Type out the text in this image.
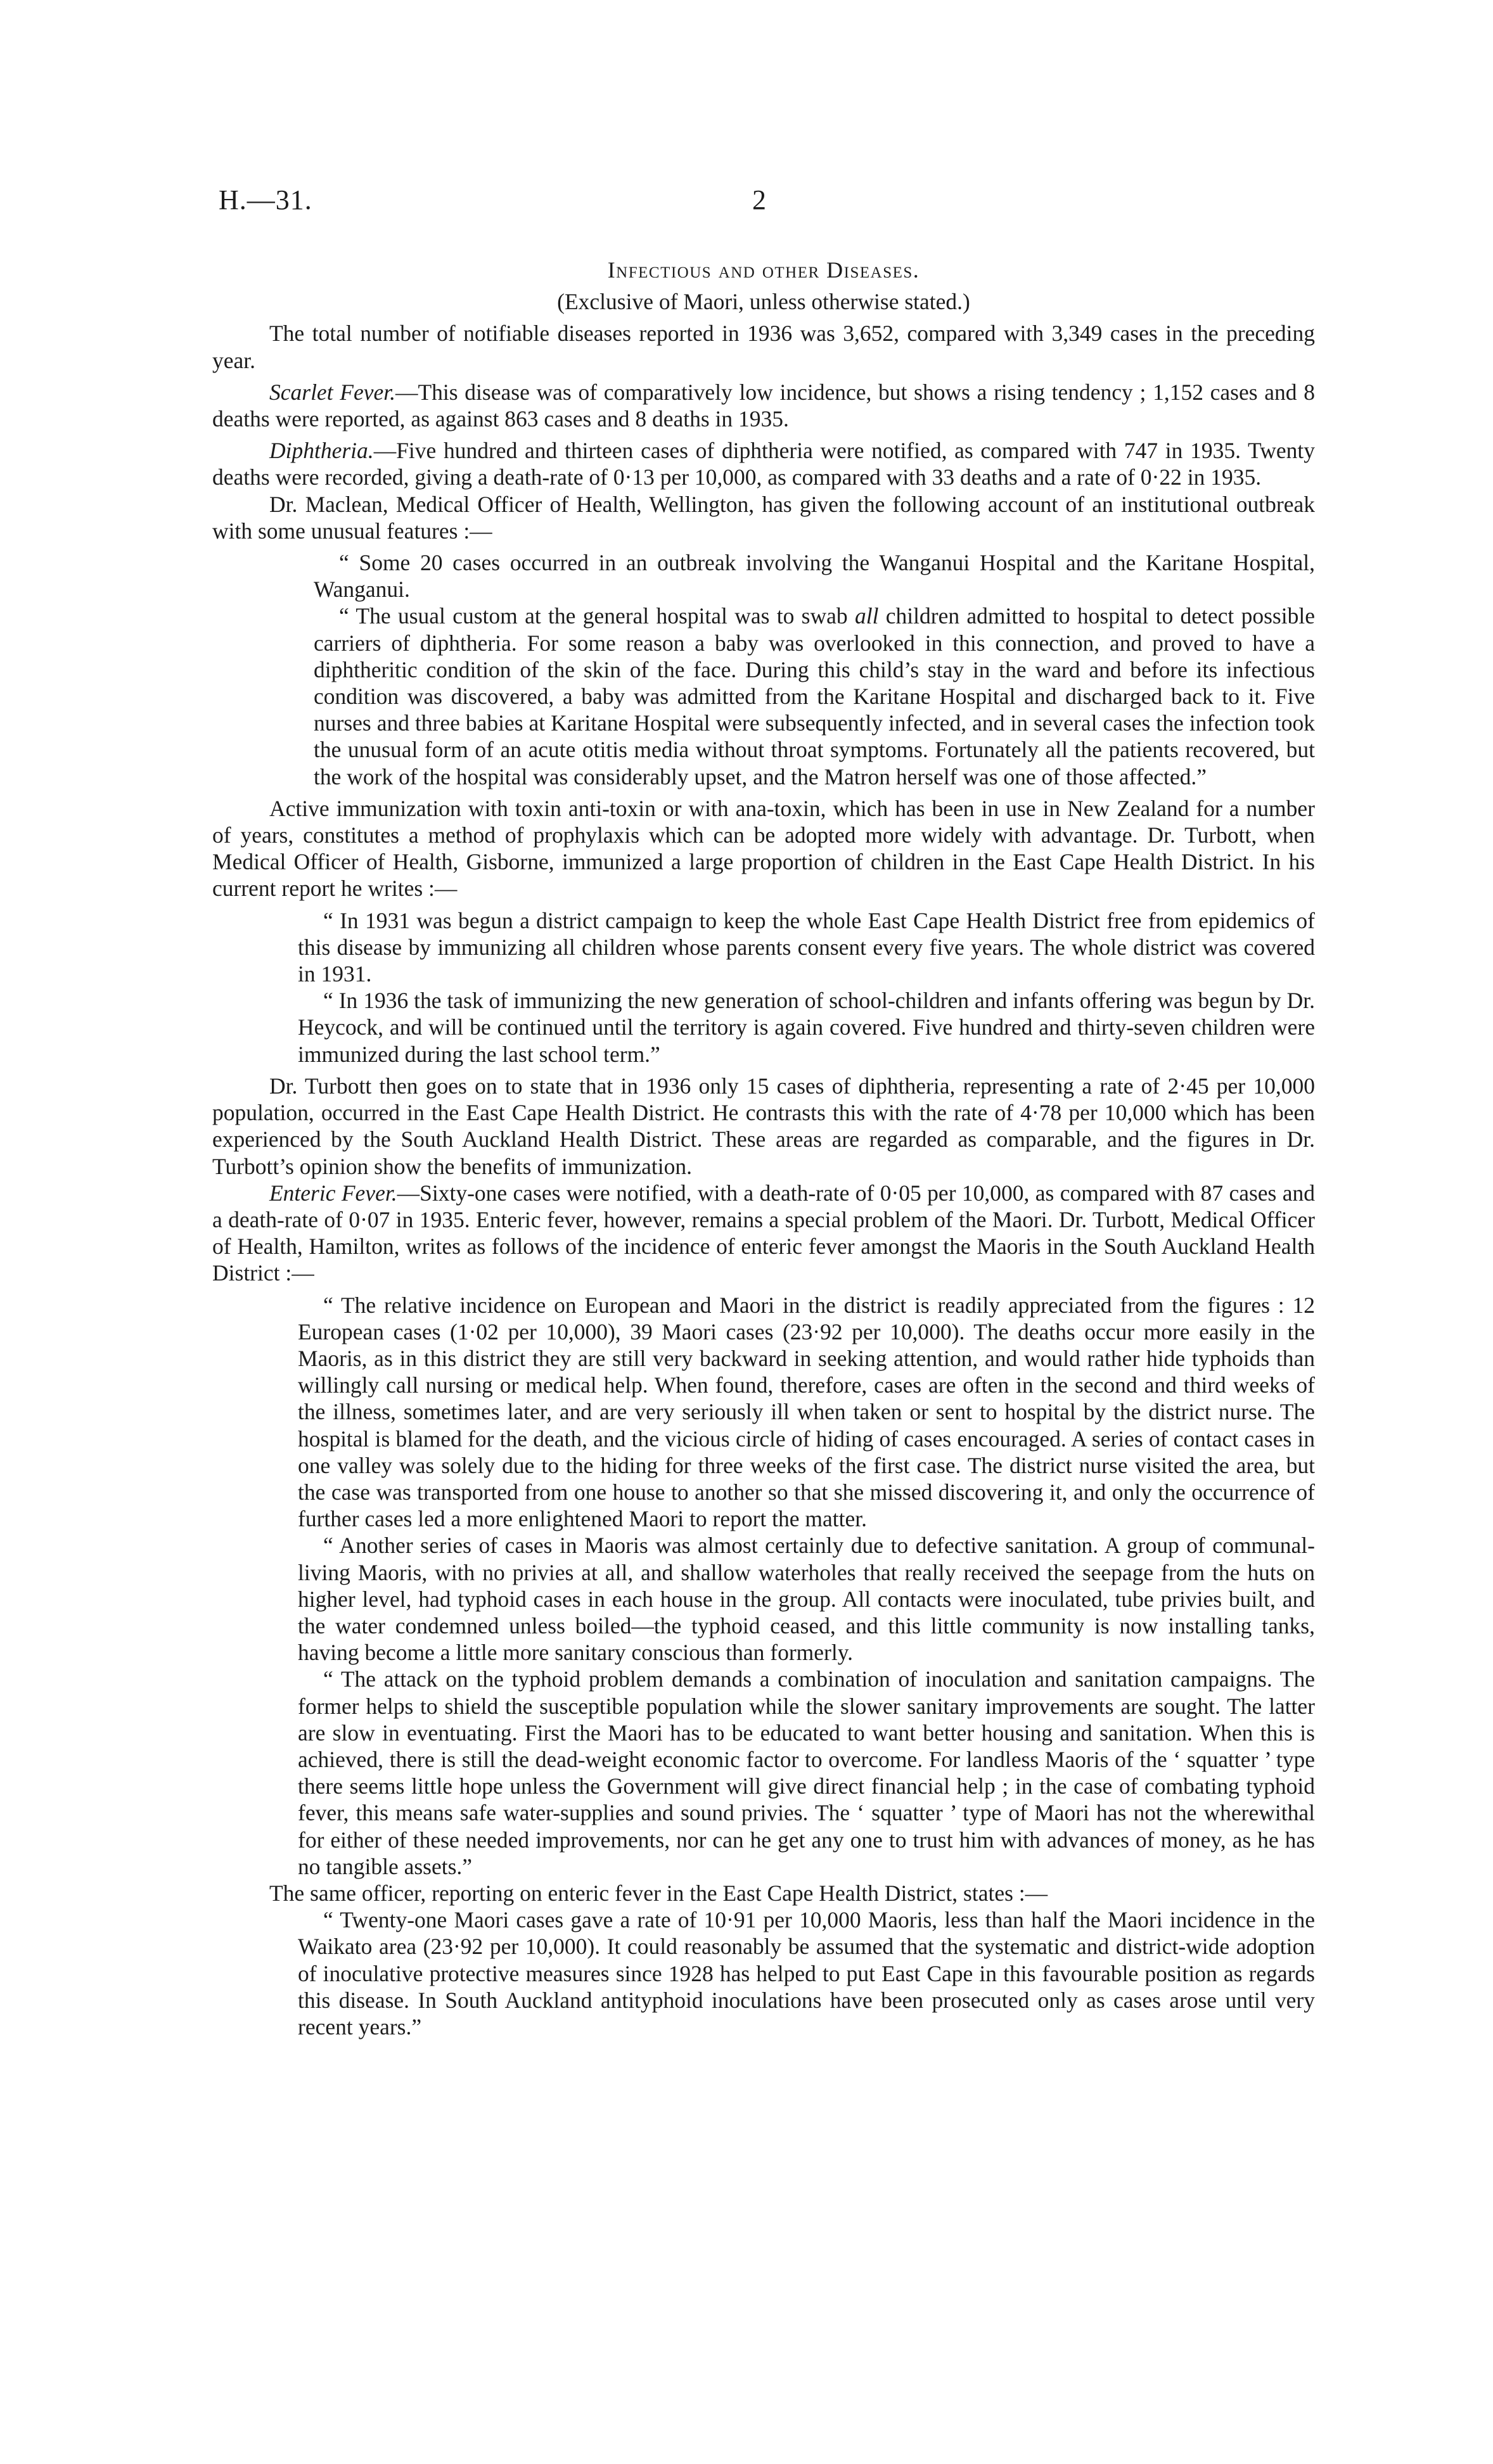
H.—31.	2
Infectious and other Diseases.
(Exclusive of Maori, unless otherwise stated.)

The total number of notifiable diseases reported in 1936 was 3,652, compared with 3,349 cases in the preceding year.

Scarlet Fever.—This disease was of comparatively low incidence, but shows a rising tendency ; 1,152 cases and 8 deaths were reported, as against 863 cases and 8 deaths in 1935.

Diphtheria.—Five hundred and thirteen cases of diphtheria were notified, as compared with 747 in 1935. Twenty deaths were recorded, giving a death-rate of 0·13 per 10,000, as compared with 33 deaths and a rate of 0·22 in 1935.

Dr. Maclean, Medical Officer of Health, Wellington, has given the following account of an institutional outbreak with some unusual features :—

“ Some 20 cases occurred in an outbreak involving the Wanganui Hospital and the Karitane Hospital, Wanganui.

“ The usual custom at the general hospital was to swab all children admitted to hospital to detect possible carriers of diphtheria. For some reason a baby was overlooked in this connection, and proved to have a diphtheritic condition of the skin of the face. During this child’s stay in the ward and before its infectious condition was discovered, a baby was admitted from the Karitane Hospital and discharged back to it. Five nurses and three babies at Karitane Hospital were subsequently infected, and in several cases the infection took the unusual form of an acute otitis media without throat symptoms. Fortunately all the patients recovered, but the work of the hospital was considerably upset, and the Matron herself was one of those affected.”

Active immunization with toxin anti-toxin or with ana-toxin, which has been in use in New Zealand for a number of years, constitutes a method of prophylaxis which can be adopted more widely with advantage. Dr. Turbott, when Medical Officer of Health, Gisborne, immunized a large proportion of children in the East Cape Health District. In his current report he writes :—

“ In 1931 was begun a district campaign to keep the whole East Cape Health District free from epidemics of this disease by immunizing all children whose parents consent every five years. The whole district was covered in 1931.

“ In 1936 the task of immunizing the new generation of school-children and infants offering was begun by Dr. Heycock, and will be continued until the territory is again covered. Five hundred and thirty-seven children were immunized during the last school term.”

Dr. Turbott then goes on to state that in 1936 only 15 cases of diphtheria, representing a rate of 2·45 per 10,000 population, occurred in the East Cape Health District. He contrasts this with the rate of 4·78 per 10,000 which has been experienced by the South Auckland Health District. These areas are regarded as comparable, and the figures in Dr. Turbott’s opinion show the benefits of immunization.

Enteric Fever.—Sixty-one cases were notified, with a death-rate of 0·05 per 10,000, as compared with 87 cases and a death-rate of 0·07 in 1935. Enteric fever, however, remains a special problem of the Maori. Dr. Turbott, Medical Officer of Health, Hamilton, writes as follows of the incidence of enteric fever amongst the Maoris in the South Auckland Health District :—

“ The relative incidence on European and Maori in the district is readily appreciated from the figures : 12 European cases (1·02 per 10,000), 39 Maori cases (23·92 per 10,000). The deaths occur more easily in the Maoris, as in this district they are still very backward in seeking attention, and would rather hide typhoids than willingly call nursing or medical help. When found, therefore, cases are often in the second and third weeks of the illness, sometimes later, and are very seriously ill when taken or sent to hospital by the district nurse. The hospital is blamed for the death, and the vicious circle of hiding of cases encouraged. A series of contact cases in one valley was solely due to the hiding for three weeks of the first case. The district nurse visited the area, but the case was transported from one house to another so that she missed discovering it, and only the occurrence of further cases led a more enlightened Maori to report the matter.

“ Another series of cases in Maoris was almost certainly due to defective sanitation. A group of communal-living Maoris, with no privies at all, and shallow waterholes that really received the seepage from the huts on higher level, had typhoid cases in each house in the group. All contacts were inoculated, tube privies built, and the water condemned unless boiled—the typhoid ceased, and this little community is now installing tanks, having become a little more sanitary conscious than formerly.

“ The attack on the typhoid problem demands a combination of inoculation and sanitation campaigns. The former helps to shield the susceptible population while the slower sanitary improvements are sought. The latter are slow in eventuating. First the Maori has to be educated to want better housing and sanitation. When this is achieved, there is still the dead-weight economic factor to overcome. For landless Maoris of the ‘ squatter ’ type there seems little hope unless the Government will give direct financial help ; in the case of combating typhoid fever, this means safe water-supplies and sound privies. The ‘ squatter ’ type of Maori has not the wherewithal for either of these needed improvements, nor can he get any one to trust him with advances of money, as he has no tangible assets.”

The same officer, reporting on enteric fever in the East Cape Health District, states :—

“ Twenty-one Maori cases gave a rate of 10·91 per 10,000 Maoris, less than half the Maori incidence in the Waikato area (23·92 per 10,000). It could reasonably be assumed that the systematic and district-wide adoption of inoculative protective measures since 1928 has helped to put East Cape in this favourable position as regards this disease. In South Auckland antityphoid inoculations have been prosecuted only as cases arose until very recent years.”
